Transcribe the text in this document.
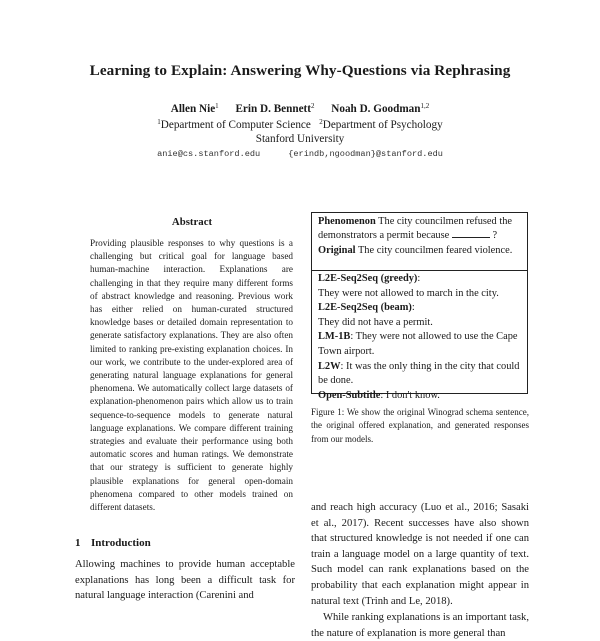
Learning to Explain: Answering Why-Questions via Rephrasing
Allen Nie$^1$ Erin D. Bennett$^2$ Noah D. Goodman$^{1,2}$
$^1$Department of Computer Science $^2$Department of Psychology
Stanford University
anie@cs.stanford.edu	{erindb,ngoodman}@stanford.edu
Abstract
Providing plausible responses to why questions is a challenging but critical goal for language based human-machine interaction. Explanations are challenging in that they require many different forms of abstract knowledge and reasoning. Previous work has either relied on human-curated structured knowledge bases or detailed domain representation to generate satisfactory explanations. They are also often limited to ranking pre-existing explanation choices. In our work, we contribute to the under-explored area of generating natural language explanations for general phenomena. We automatically collect large datasets of explanation-phenomenon pairs which allow us to train sequence-to-sequence models to generate natural language explanations. We compare different training strategies and evaluate their performance using both automatic scores and human ratings. We demonstrate that our strategy is sufficient to generate highly plausible explanations for general open-domain phenomena compared to other models trained on different datasets.
1 Introduction
Allowing machines to provide human acceptable explanations has long been a difficult task for natural language interaction (Carenini and
Phenomenon The city councilmen refused the demonstrators a permit because	?
Original The city councilmen feared violence.
L2E-Seq2Seq (greedy):
They were not allowed to march in the city.
L2E-Seq2Seq (beam):
They did not have a permit.
LM-1B: They were not allowed to use the Cape Town airport.
L2W: It was the only thing in the city that could be done.
Open-Subtitle: I don't know.
Figure 1: We show the original Winograd schema sentence, the original offered explanation, and generated responses from our models.
and reach high accuracy (Luo et al., 2016; Sasaki et al., 2017). Recent successes have also shown that structured knowledge is not needed if one can train a language model on a large quantity of text. Such model can rank explanations based on the probability that each explanation might appear in natural text (Trinh and Le, 2018).
While ranking explanations is an important task, the nature of explanation is more general than
